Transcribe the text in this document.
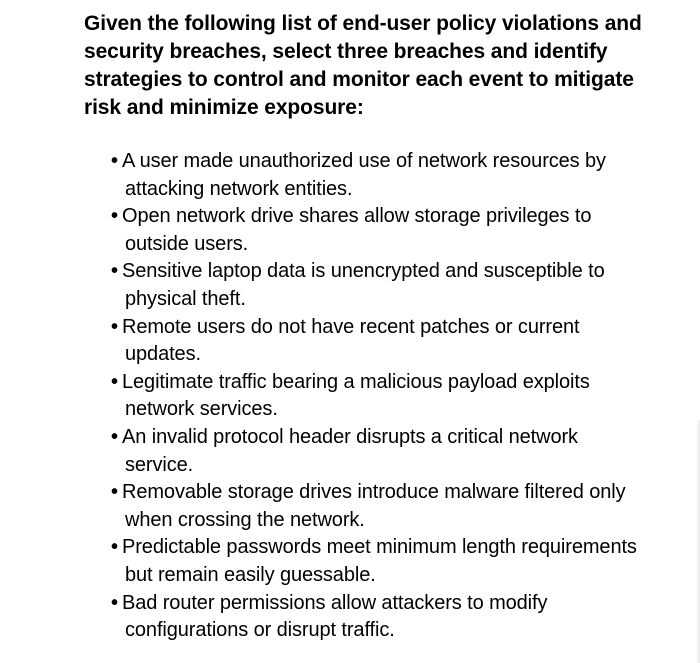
Given the following list of end-user policy violations and security breaches, select three breaches and identify strategies to control and monitor each event to mitigate risk and minimize exposure:

• A user made unauthorized use of network resources by attacking network entities.
• Open network drive shares allow storage privileges to outside users.
• Sensitive laptop data is unencrypted and susceptible to physical theft.
• Remote users do not have recent patches or current updates.
• Legitimate traffic bearing a malicious payload exploits network services.
• An invalid protocol header disrupts a critical network service.
• Removable storage drives introduce malware filtered only when crossing the network.
• Predictable passwords meet minimum length requirements but remain easily guessable.
• Bad router permissions allow attackers to modify configurations or disrupt traffic.
